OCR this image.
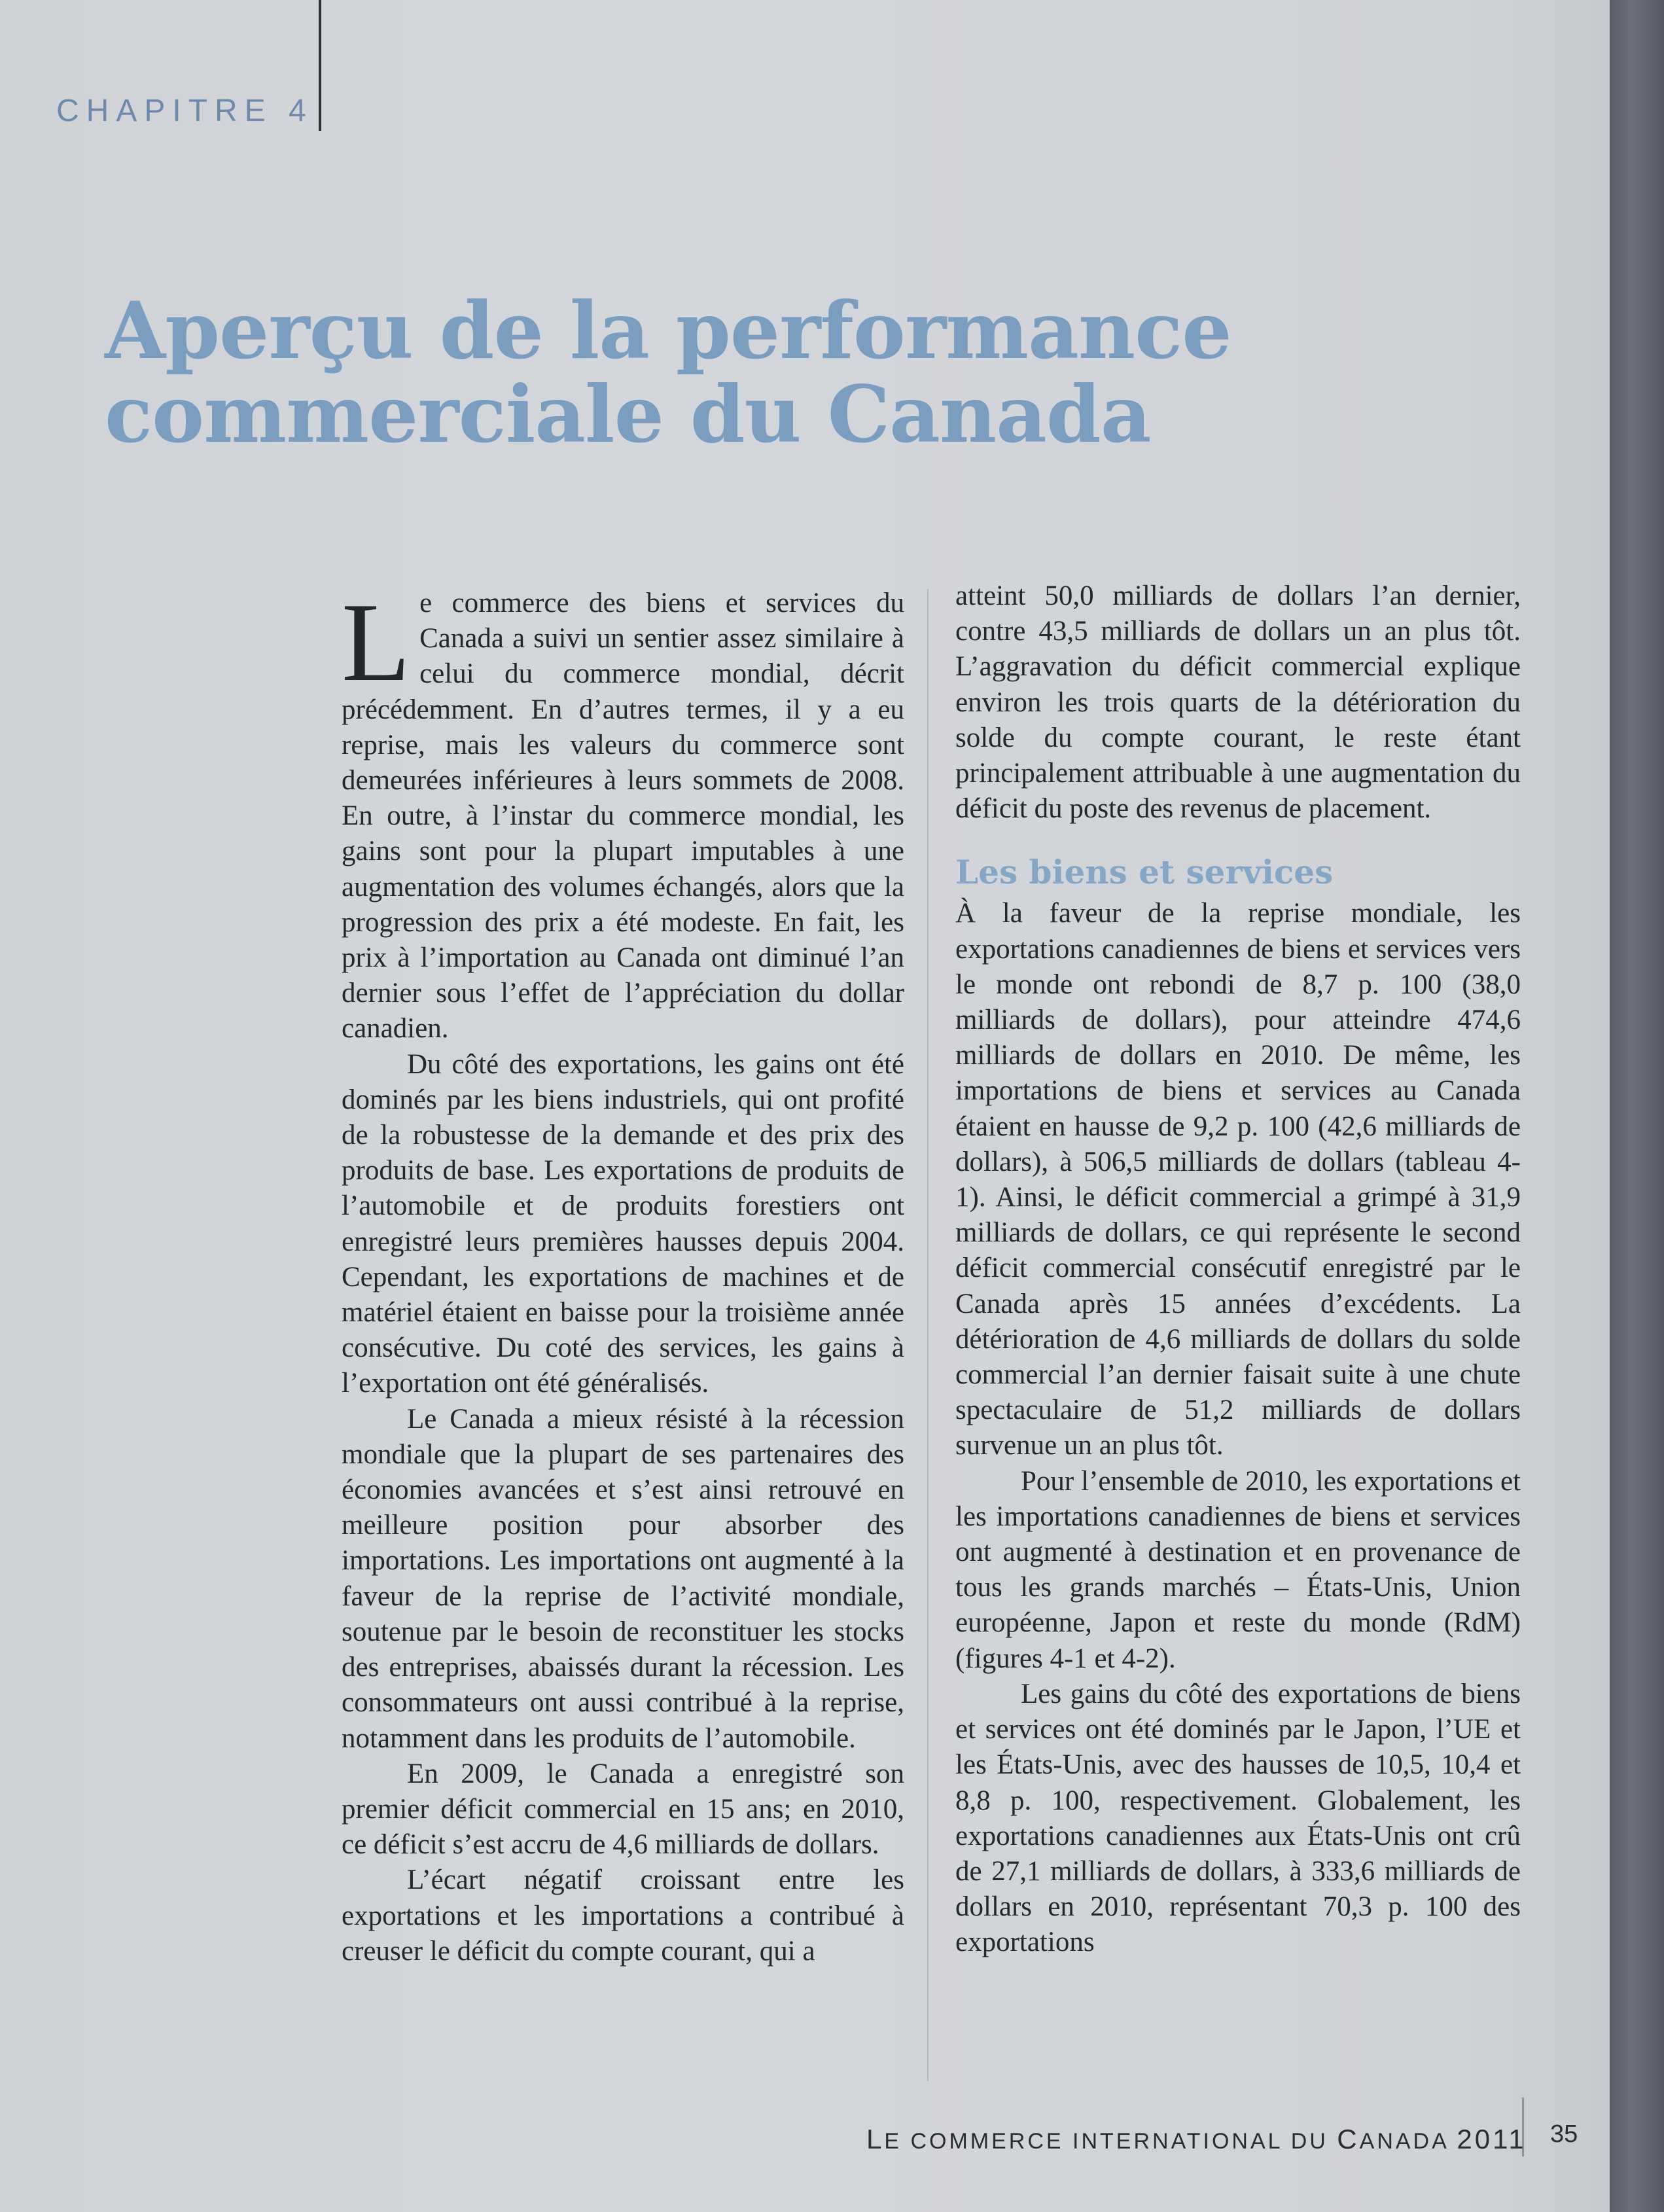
CHAPITRE 4
Aperçu de la performance
commerciale du Canada

Le commerce des biens et services du Canada a suivi un sentier assez similaire à celui du commerce mondial, décrit précédemment. En d’autres termes, il y a eu reprise, mais les valeurs du commerce sont demeurées inférieures à leurs sommets de 2008. En outre, à l’instar du commerce mondial, les gains sont pour la plupart imputables à une augmentation des volumes échangés, alors que la progression des prix a été modeste. En fait, les prix à l’importation au Canada ont diminué l’an dernier sous l’effet de l’appréciation du dollar canadien.

Du côté des exportations, les gains ont été dominés par les biens industriels, qui ont profité de la robustesse de la demande et des prix des produits de base. Les exportations de produits de l’automobile et de produits forestiers ont enregistré leurs premières hausses depuis 2004. Cependant, les exportations de machines et de matériel étaient en baisse pour la troisième année consécutive. Du coté des services, les gains à l’exportation ont été généralisés.

Le Canada a mieux résisté à la récession mondiale que la plupart de ses partenaires des économies avancées et s’est ainsi retrouvé en meilleure position pour absorber des importations. Les importations ont augmenté à la faveur de la reprise de l’activité mondiale, soutenue par le besoin de reconstituer les stocks des entreprises, abaissés durant la récession. Les consommateurs ont aussi contribué à la reprise, notamment dans les produits de l’automobile.

En 2009, le Canada a enregistré son premier déficit commercial en 15 ans; en 2010, ce déficit s’est accru de 4,6 milliards de dollars.

L’écart négatif croissant entre les exportations et les importations a contribué à creuser le déficit du compte courant, qui a

atteint 50,0 milliards de dollars l’an dernier, contre 43,5 milliards de dollars un an plus tôt. L’aggravation du déficit commercial explique environ les trois quarts de la détérioration du solde du compte courant, le reste étant principalement attribuable à une augmentation du déficit du poste des revenus de placement.

Les biens et services

À la faveur de la reprise mondiale, les exportations canadiennes de biens et services vers le monde ont rebondi de 8,7 p. 100 (38,0 milliards de dollars), pour atteindre 474,6 milliards de dollars en 2010. De même, les importations de biens et services au Canada étaient en hausse de 9,2 p. 100 (42,6 milliards de dollars), à 506,5 milliards de dollars (tableau 4-1). Ainsi, le déficit commercial a grimpé à 31,9 milliards de dollars, ce qui représente le second déficit commercial consécutif enregistré par le Canada après 15 années d’excédents. La détérioration de 4,6 milliards de dollars du solde commercial l’an dernier faisait suite à une chute spectaculaire de 51,2 milliards de dollars survenue un an plus tôt.

Pour l’ensemble de 2010, les exportations et les importations canadiennes de biens et services ont augmenté à destination et en provenance de tous les grands marchés – États-Unis, Union européenne, Japon et reste du monde (RdM) (figures 4-1 et 4-2).

Les gains du côté des exportations de biens et services ont été dominés par le Japon, l’UE et les États-Unis, avec des hausses de 10,5, 10,4 et 8,8 p. 100, respectivement. Globalement, les exportations canadiennes aux États-Unis ont crû de 27,1 milliards de dollars, à 333,6 milliards de dollars en 2010, représentant 70,3 p. 100 des exportations

LE COMMERCE INTERNATIONAL DU CANADA 2011 35
